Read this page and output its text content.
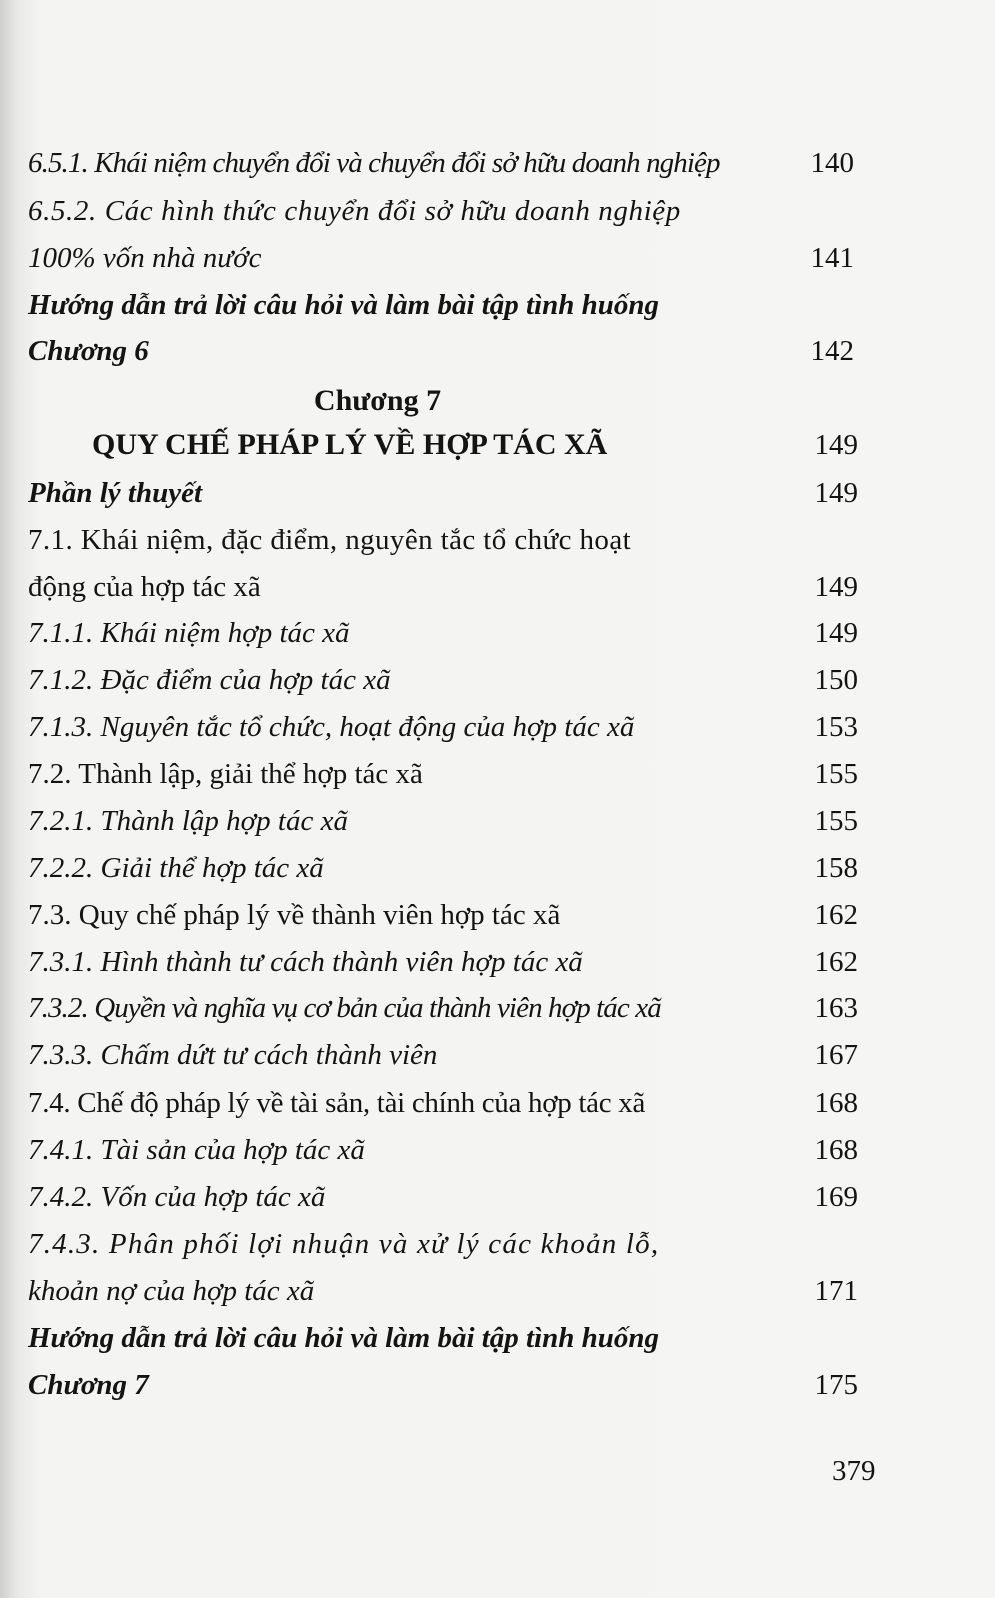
6.5.1. Khái niệm chuyển đổi và chuyển đổi sở hữu doanh nghiệp	140
6.5.2. Các hình thức chuyển đổi sở hữu doanh nghiệp
100% vốn nhà nước	141
Hướng dẫn trả lời câu hỏi và làm bài tập tình huống
Chương 6	142
Chương 7
QUY CHẾ PHÁP LÝ VỀ HỢP TÁC XÃ	149
Phần lý thuyết	149
7.1. Khái niệm, đặc điểm, nguyên tắc tổ chức hoạt
động của hợp tác xã	149
7.1.1. Khái niệm hợp tác xã	149
7.1.2. Đặc điểm của hợp tác xã	150
7.1.3. Nguyên tắc tổ chức, hoạt động của hợp tác xã	153
7.2. Thành lập, giải thể hợp tác xã	155
7.2.1. Thành lập hợp tác xã	155
7.2.2. Giải thể hợp tác xã	158
7.3. Quy chế pháp lý về thành viên hợp tác xã	162
7.3.1. Hình thành tư cách thành viên hợp tác xã	162
7.3.2. Quyền và nghĩa vụ cơ bản của thành viên hợp tác xã	163
7.3.3. Chấm dứt tư cách thành viên	167
7.4. Chế độ pháp lý về tài sản, tài chính của hợp tác xã	168
7.4.1. Tài sản của hợp tác xã	168
7.4.2. Vốn của hợp tác xã	169
7.4.3. Phân phối lợi nhuận và xử lý các khoản lỗ,
khoản nợ của hợp tác xã	171
Hướng dẫn trả lời câu hỏi và làm bài tập tình huống
Chương 7	175
379
